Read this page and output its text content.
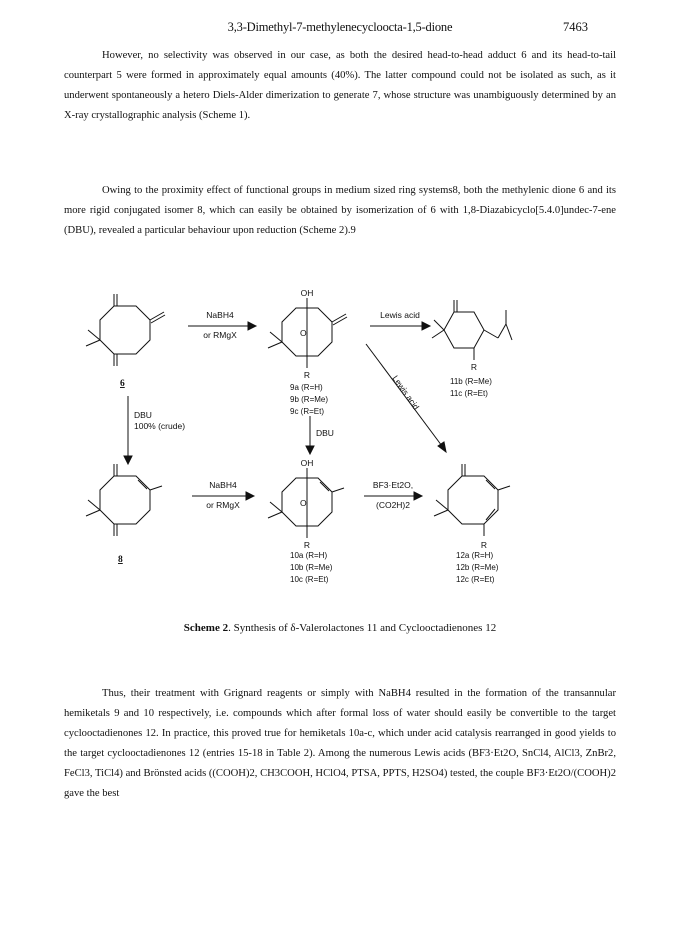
3,3-Dimethyl-7-methylenecycloocta-1,5-dione	7463
However, no selectivity was observed in our case, as both the desired head-to-head adduct 6 and its head-to-tail counterpart 5 were formed in approximately equal amounts (40%). The latter compound could not be isolated as such, as it underwent spontaneously a hetero Diels-Alder dimerization to generate 7, whose structure was unambiguously determined by an X-ray crystallographic analysis (Scheme 1).
Owing to the proximity effect of functional groups in medium sized ring systems8, both the methylenic dione 6 and its more rigid conjugated isomer 8, which can easily be obtained by isomerization of 6 with 1,8-Diazabicyclo[5.4.0]undec-7-ene (DBU), revealed a particular behaviour upon reduction (Scheme 2).9
NaBH4
or RMgX
Lewis acid
Lewis acid
DBU
100% (crude)
DBU
NaBH4
or RMgX
BF3·Et2O,
(CO2H)2
OH
OH
O
O
R
R
R
R
6
8
9a (R=H)
9b (R=Me)
9c (R=Et)
11b (R=Me)
11c (R=Et)
10a (R=H)
10b (R=Me)
10c (R=Et)
12a (R=H)
12b (R=Me)
12c (R=Et)
Scheme 2. Synthesis of δ-Valerolactones 11 and Cyclooctadienones 12
Thus, their treatment with Grignard reagents or simply with NaBH4 resulted in the formation of the transannular hemiketals 9 and 10 respectively, i.e. compounds which after formal loss of water should easily be convertible to the target cyclooctadienones 12. In practice, this proved true for hemiketals 10a-c, which under acid catalysis rearranged in good yields to the target cyclooctadienones 12 (entries 15-18 in Table 2). Among the numerous Lewis acids (BF3·Et2O, SnCl4, AlCl3, ZnBr2, FeCl3, TiCl4) and Brönsted acids ((COOH)2, CH3COOH, HClO4, PTSA, PPTS, H2SO4) tested, the couple BF3·Et2O/(COOH)2 gave the best
